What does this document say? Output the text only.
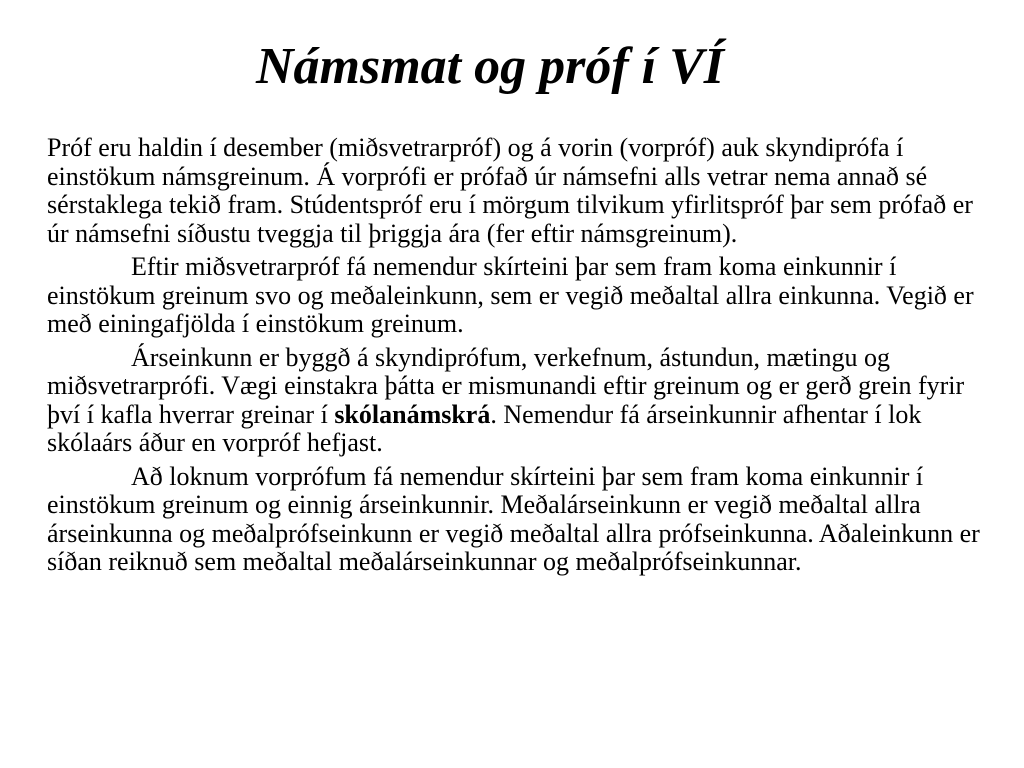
Námsmat og próf í VÍ

Próf eru haldin í desember (miðsvetrarpróf) og á vorin (vorpróf) auk skyndiprófa í einstökum námsgreinum. Á vorprófi er prófað úr námsefni alls vetrar nema annað sé sérstaklega tekið fram. Stúdentspróf eru í mörgum tilvikum yfirlitspróf þar sem prófað er úr námsefni síðustu tveggja til þriggja ára (fer eftir námsgreinum).

Eftir miðsvetrarpróf fá nemendur skírteini þar sem fram koma einkunnir í einstökum greinum svo og meðaleinkunn, sem er vegið meðaltal allra einkunna. Vegið er með einingafjölda í einstökum greinum.

Árseinkunn er byggð á skyndiprófum, verkefnum, ástundun, mætingu og miðsvetrarprófi. Vægi einstakra þátta er mismunandi eftir greinum og er gerð grein fyrir því í kafla hverrar greinar í skólanámskrá. Nemendur fá árseinkunnir afhentar í lok skólaárs áður en vorpróf hefjast.

Að loknum vorprófum fá nemendur skírteini þar sem fram koma einkunnir í einstökum greinum og einnig árseinkunnir. Meðalárseinkunn er vegið meðaltal allra árseinkunna og meðalprófseinkunn er vegið meðaltal allra prófseinkunna. Aðaleinkunn er síðan reiknuð sem meðaltal meðalárseinkunnar og meðalprófseinkunnar.
